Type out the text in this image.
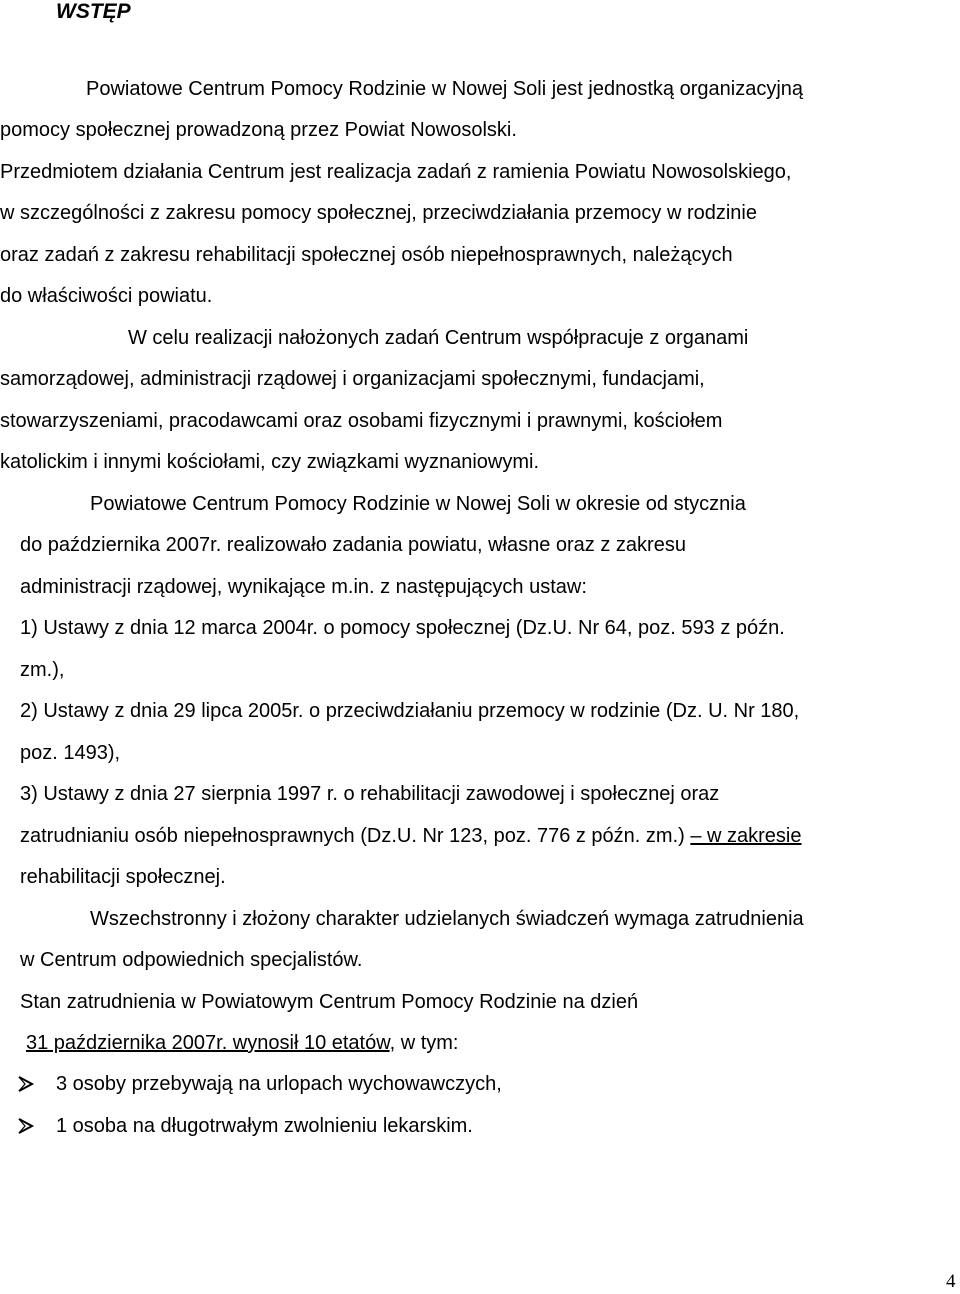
WSTĘP
Powiatowe Centrum Pomocy Rodzinie w Nowej Soli jest jednostką organizacyjną
pomocy społecznej prowadzoną przez Powiat Nowosolski.
Przedmiotem działania Centrum jest realizacja zadań z ramienia Powiatu Nowosolskiego,
w szczególności z zakresu pomocy społecznej, przeciwdziałania przemocy w rodzinie
oraz zadań z zakresu rehabilitacji społecznej osób niepełnosprawnych, należących
do właściwości powiatu.
W celu realizacji nałożonych zadań Centrum współpracuje z organami
samorządowej, administracji rządowej i organizacjami społecznymi, fundacjami,
stowarzyszeniami, pracodawcami oraz osobami fizycznymi i prawnymi, kościołem
katolickim i innymi kościołami, czy związkami wyznaniowymi.
Powiatowe Centrum Pomocy Rodzinie w Nowej Soli w okresie od stycznia
do października 2007r. realizowało zadania powiatu, własne oraz z zakresu
administracji rządowej, wynikające m.in. z następujących ustaw:
1) Ustawy z dnia 12 marca 2004r. o pomocy społecznej (Dz.U. Nr 64, poz. 593 z późn.
zm.),
2) Ustawy z dnia 29 lipca 2005r. o przeciwdziałaniu przemocy w rodzinie (Dz. U. Nr 180,
poz. 1493),
3) Ustawy z dnia 27 sierpnia 1997 r. o rehabilitacji zawodowej i społecznej oraz
zatrudnianiu osób niepełnosprawnych (Dz.U. Nr 123, poz. 776 z późn. zm.) – w zakresie
rehabilitacji społecznej.
Wszechstronny i złożony charakter udzielanych świadczeń wymaga zatrudnienia
w Centrum odpowiednich specjalistów.
Stan zatrudnienia w Powiatowym Centrum Pomocy Rodzinie na dzień
31 października 2007r. wynosił 10 etatów, w tym:
3 osoby przebywają na urlopach wychowawczych,
1 osoba na długotrwałym zwolnieniu lekarskim.
4
